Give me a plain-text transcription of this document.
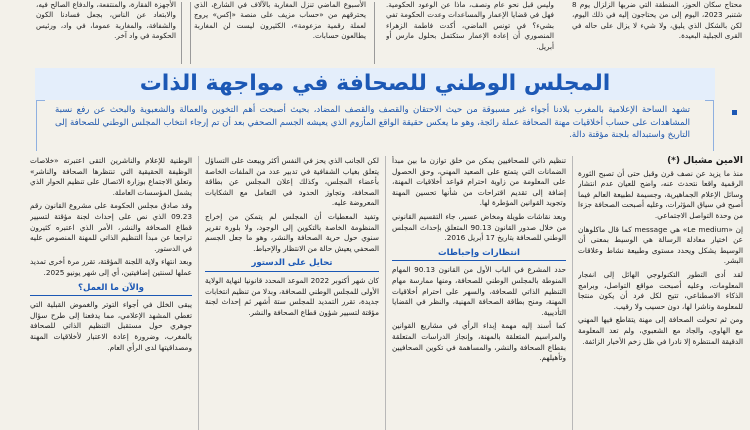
محتاج سكان الحوز، المنطقة التي ضربها الزلزال يوم 8 شتنبر 2023، اليوم إلى من يحتاجون إليه في ذلك اليوم، لكن بالشكل الذي يليق، ولا شيء لا يزال على حاله في القرى الجبلية البعيدة.
وليس قبل نحو عام ونصف، ماذا عن الوعود الحكومية. فهل في قضايا الإعمار والمساعدات وعدت الحكومة تفي بشيء؟ في تونس الماضي، أكدت فاطمة الزهراء المنصوري أن إعادة الإعمار ستكتمل بحلول مارس أو أبريل.
الأسبوع الماضي تنزل المغاربة بالآلاف في الشارع، الذي يحترقهم من «حساب مزيف على منصة «إكس» يروج لعملة رقمية مزعومة»، الكثيرون ليست لن المغاربة يطالعون حسابات.
الأجهزة الفقارة، والمنتفعة، والدفاع الصالح فيه، والابتعاد عن الناس، بجعل فسادنا الكون والشفافة، والمغاربة عموما، في واد، ورئيس الحكومة في واد آخر.
المجلس الوطني للصحافة في مواجهة الذات
تشهد الساحة الإعلامية بالمغرب بلادنا أجواء غير مسبوقة من حيث الاحتقان والقصف والقصف المضاد، بحيث أصبحت أهم التخوين والعمالة والشعبوية والبحث عن رفع نسبة المشاهدات على حساب أخلاقيات مهنة الصحافة عملة رائجة، وهو ما يعكس حقيقة الواقع المأزوم الذي يعيشه الجسم الصحفي بعد أن تم إرجاء انتخاب المجلس الوطني للصحافة إلى التاريخ واستبداله بلجنة مؤقتة دالة.
الأمين مشبال (*)

منذ ما يزيد عن نصف قرن وقبل حتى أن تصبح الثورة الرقمية واقعا نتحدث عنه، واضح للعيان عدم انتشار وسائل الإعلام الجماهيرية، وجسيمة لطبيعة العالم فيما أصبح في سياق المؤثرات، وعليه أصبحت الصحافة جزءا من وحدة التواصل الاجتماعي.

إن «Le medium» هي message كما قال ماكلوهان عن اختيار معادلة الرسالة هي الوسيط بمعنى أن الوسيط يشكل ويحدد مستوى وطبيعة نشاط وعلاقات البشر.

لقد أدى التطور التكنولوجي الهائل إلى انفجار المعلومات، وعليه أصبحت مواقع التواصل، وبرامج الذكاء الاصطناعي، تتيح لكل فرد أن يكون منتجا للمعلومة وناشرا لها، دون حسيب ولا رقيب.

ومن ثم تحولت الصحافة إلى مهنة يتقاطع فيها المهني مع الهاوي، والجاد مع الشعبوي، ولم تعد المعلومة الدقيقة المنتظرة إلا نادرا في ظل زخم الأخبار الزائفة.

تنظيم ذاتي للصحافيين يمكن من خلق توازن ما بين مبدأ الضمانات التي يتمتع على الصعيد المهني، وحق الحصول على المعلومة من زاوية احترام قواعد أخلاقيات المهنة، إضافة إلى تقديم اقتراحات من شأنها تحسين المهنة وتجويد القوانين المؤطرة لها.

وبعد نقاشات طويلة ومخاض عسير، جاء التقسيم القانوني من خلال صدور القانون 90.13 المتعلق بإحداث المجلس الوطني للصحافة بتاريخ 17 أبريل 2016.

انتظارات وإحباطات

حدد المشرع في الباب الأول من القانون 90.13 المهام المنوطة بالمجلس الوطني للصحافة، ومنها ممارسة مهام التنظيم الذاتي للصحافة، والسهر على احترام أخلاقيات المهنة، ومنح بطاقة الصحافة المهنية، والنظر في القضايا التأديبية.

كما أسند إليه مهمة إبداء الرأي في مشاريع القوانين والمراسيم المتعلقة بالمهنة، وإنجاز الدراسات المتعلقة بقطاع الصحافة والنشر، والمساهمة في تكوين الصحافيين وتأهيلهم.

لكن الجانب الذي يحز في النفس أكثر ويبعث على التساؤل يتعلق بغياب الشفافية في تدبير عدد من الملفات الخاصة بأعضاء المجلس، وكذلك إعلان المجلس عن بطاقة الصحافة، وتجاوز الحدود في التعامل مع الشكايات المعروضة عليه.

وتفيد المعطيات أن المجلس لم يتمكن من إخراج المنظومة الخاصة بالتكوين إلى الوجود، ولا بلورة تقرير سنوي حول حرية الصحافة والنشر، وهو ما جعل الجسم الصحفي يعيش حالة من الانتظار والإحباط.

تحايل على الدستور

كان شهر أكتوبر 2022 الموعد المحدد قانونيا لنهاية الولاية الأولى للمجلس الوطني للصحافة، وبدلا من تنظيم انتخابات جديدة، تقرر التمديد للمجلس ستة أشهر ثم إحداث لجنة مؤقتة لتسيير شؤون قطاع الصحافة والنشر.

الوطنية للإعلام والناشرين التقى اعتبرته «خلاصات الوظيفة الحقيقية التي تنتظرها الصحافة والناشر» وتعلق الاجتماع بوزارة الاتصال على تنظيم الحوار الذي يشمل المؤسسات العاملة.

وقد صادق مجلس الحكومة على مشروع القانون رقم 09.23 الذي نص على إحداث لجنة مؤقتة لتسيير قطاع الصحافة والنشر، الأمر الذي اعتبره كثيرون تراجعا عن مبدأ التنظيم الذاتي للمهنة المنصوص عليه في الدستور.

وبعد انتهاء ولاية اللجنة المؤقتة، تقرر مرة أخرى تمديد عملها لسنتين إضافيتين، أي إلى شهر يونيو 2025.

والآن ما العمل؟

يبقى الخلل في أجواء التوتر والغموض القبلية التي تغطي المشهد الإعلامي، مما يدفعنا إلى طرح سؤال جوهري حول مستقبل التنظيم الذاتي للصحافة بالمغرب، وضرورة إعادة الاعتبار لأخلاقيات المهنة ومصداقيتها لدى الرأي العام.
